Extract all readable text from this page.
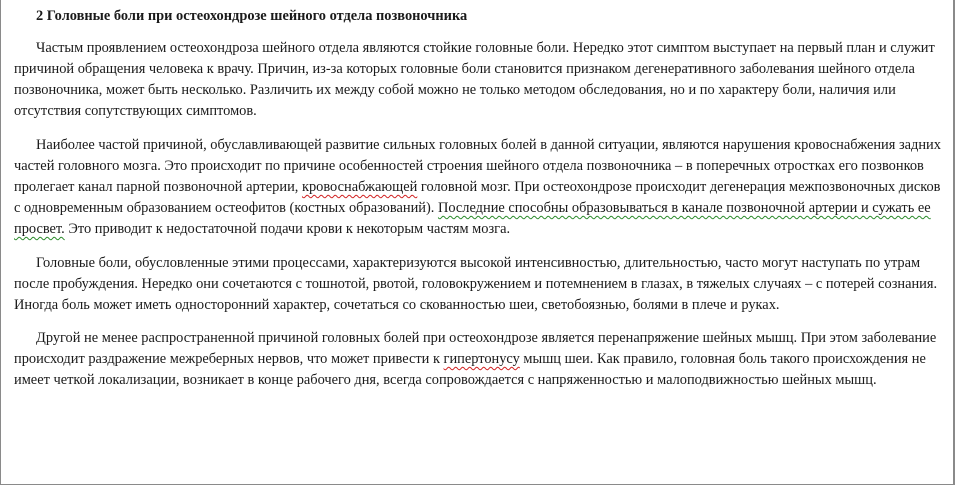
2 Головные боли при остеохондрозе шейного отдела позвоночника

Частым проявлением остеохондроза шейного отдела являются стойкие головные боли. Нередко этот симптом выступает на первый план и служит причиной обращения человека к врачу. Причин, из-за которых головные боли становится признаком дегенеративного заболевания шейного отдела позвоночника, может быть несколько. Различить их между собой можно не только методом обследования, но и по характеру боли, наличия или отсутствия сопутствующих симптомов.

Наиболее частой причиной, обуславливающей развитие сильных головных болей в данной ситуации, являются нарушения кровоснабжения задних частей головного мозга. Это происходит по причине особенностей строения шейного отдела позвоночника – в поперечных отростках его позвонков пролегает канал парной позвоночной артерии, кровоснабжающей головной мозг. При остеохондрозе происходит дегенерация межпозвоночных дисков с одновременным образованием остеофитов (костных образований). Последние способны образовываться в канале позвоночной артерии и сужать ее просвет. Это приводит к недостаточной подачи крови к некоторым частям мозга.

Головные боли, обусловленные этими процессами, характеризуются высокой интенсивностью, длительностью, часто могут наступать по утрам после пробуждения. Нередко они сочетаются с тошнотой, рвотой, головокружением и потемнением в глазах, в тяжелых случаях – с потерей сознания. Иногда боль может иметь односторонний характер, сочетаться со скованностью шеи, светобоязнью, болями в плече и руках.

Другой не менее распространенной причиной головных болей при остеохондрозе является перенапряжение шейных мышц. При этом заболевание происходит раздражение межреберных нервов, что может привести к гипертонусу мышц шеи. Как правило, головная боль такого происхождения не имеет четкой локализации, возникает в конце рабочего дня, всегда сопровождается с напряженностью и малоподвижностью шейных мышц.
